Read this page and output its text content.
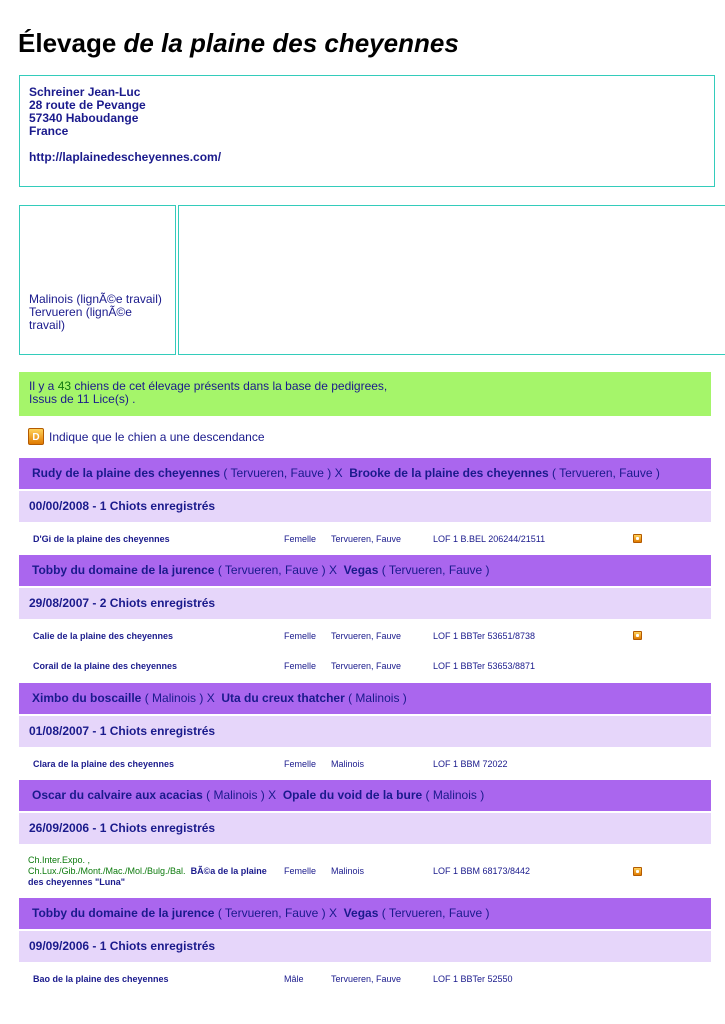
Élevage de la plaine des cheyennes
Schreiner Jean-Luc
28 route de Pevange
57340 Haboudange
France
http://laplainedescheyennes.com/
Malinois (lignÃ©e travail)
Tervueren (lignÃ©e travail)
Il y a 43 chiens de cet élevage présents dans la base de pedigrees,
Issus de 11 Lice(s) .
D Indique que le chien a une descendance
Rudy de la plaine des cheyennes ( Tervueren, Fauve ) X Brooke de la plaine des cheyennes ( Tervueren, Fauve )
00/00/2008 - 1 Chiots enregistrés
D'Gi de la plaine des cheyennes	Femelle Tervueren, Fauve	LOF 1 B.BEL 206244/21511
Tobby du domaine de la jurence ( Tervueren, Fauve ) X Vegas ( Tervueren, Fauve )
29/08/2007 - 2 Chiots enregistrés
Calie de la plaine des cheyennes	Femelle Tervueren, Fauve	LOF 1 BBTer 53651/8738
Corail de la plaine des cheyennes	Femelle Tervueren, Fauve	LOF 1 BBTer 53653/8871
Ximbo du boscaille ( Malinois ) X Uta du creux thatcher ( Malinois )
01/08/2007 - 1 Chiots enregistrés
Clara de la plaine des cheyennes	Femelle Malinois	LOF 1 BBM 72022
Oscar du calvaire aux acacias ( Malinois ) X Opale du void de la bure ( Malinois )
26/09/2006 - 1 Chiots enregistrés
Ch.Inter.Expo. ,
Ch.Lux./Gib./Mont./Mac./Mol./Bulg./Bal. BÃ©a de la plaine des cheyennes "Luna"
Femelle Malinois	LOF 1 BBM 68173/8442
Tobby du domaine de la jurence ( Tervueren, Fauve ) X Vegas ( Tervueren, Fauve )
09/09/2006 - 1 Chiots enregistrés
Bao de la plaine des cheyennes	Mâle	Tervueren, Fauve	LOF 1 BBTer 52550
